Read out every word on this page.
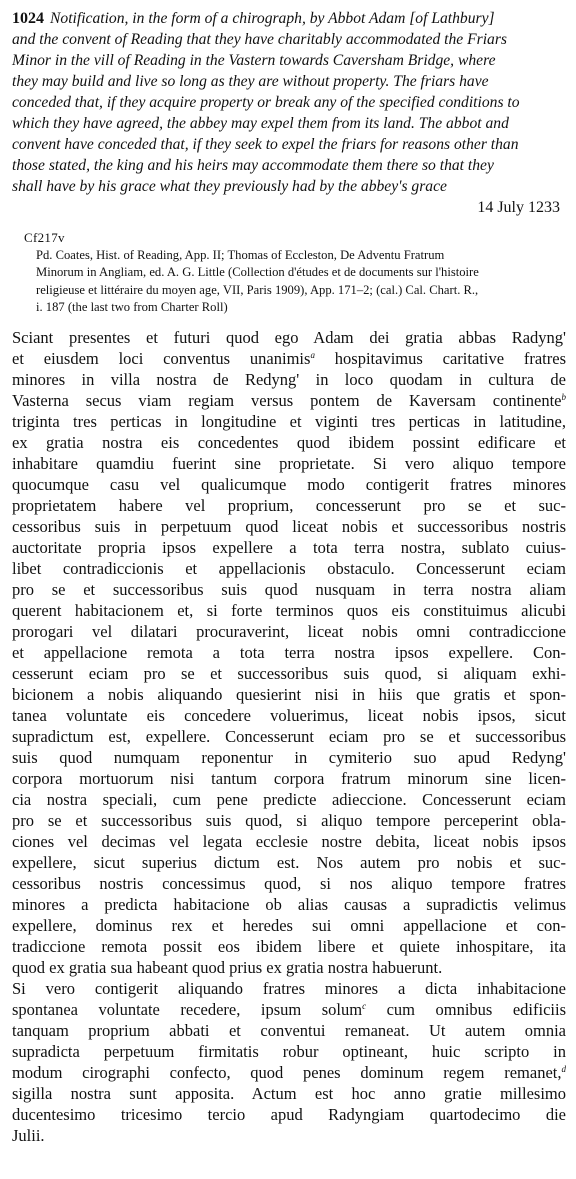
1024 Notification, in the form of a chirograph, by Abbot Adam [of Lathbury]
and the convent of Reading that they have charitably accommodated the Friars
Minor in the vill of Reading in the Vastern towards Caversham Bridge, where
they may build and live so long as they are without property. The friars have
conceded that, if they acquire property or break any of the specified conditions to
which they have agreed, the abbey may expel them from its land. The abbot and
convent have conceded that, if they seek to expel the friars for reasons other than
those stated, the king and his heirs may accommodate them there so that they
shall have by his grace what they previously had by the abbey's grace

14 July 1233

Cf217v
Pd. Coates, Hist. of Reading, App. II; Thomas of Eccleston, De Adventu Fratrum
Minorum in Angliam, ed. A. G. Little (Collection d'études et de documents sur l'histoire
religieuse et littéraire du moyen age, VII, Paris 1909), App. 171–2; (cal.) Cal. Chart. R.,
i. 187 (the last two from Charter Roll)
Sciant presentes et futuri quod ego Adam dei gratia abbas Radyng'
et eiusdem loci conventus unanimis$^a$ hospitavimus caritative fratres
minores in villa nostra de Redyng' in loco quodam in cultura de
Vasterna secus viam regiam versus pontem de Kaversam continente$^b$
triginta tres perticas in longitudine et viginti tres perticas in latitudine,
ex gratia nostra eis concedentes quod ibidem possint edificare et
inhabitare quamdiu fuerint sine proprietate. Si vero aliquo tempore
quocumque casu vel qualicumque modo contigerit fratres minores
proprietatem habere vel proprium, concesserunt pro se et suc-
cessoribus suis in perpetuum quod liceat nobis et successoribus nostris
auctoritate propria ipsos expellere a tota terra nostra, sublato cuius-
libet contradiccionis et appellacionis obstaculo. Concesserunt eciam
pro se et successoribus suis quod nusquam in terra nostra aliam
querent habitacionem et, si forte terminos quos eis constituimus alicubi
prorogari vel dilatari procuraverint, liceat nobis omni contradiccione
et appellacione remota a tota terra nostra ipsos expellere. Con-
cesserunt eciam pro se et successoribus suis quod, si aliquam exhi-
bicionem a nobis aliquando quesierint nisi in hiis que gratis et spon-
tanea voluntate eis concedere voluerimus, liceat nobis ipsos, sicut
supradictum est, expellere. Concesserunt eciam pro se et successoribus
suis quod numquam reponentur in cymiterio suo apud Redyng'
corpora mortuorum nisi tantum corpora fratrum minorum sine licen-
cia nostra speciali, cum pene predicte adieccione. Concesserunt eciam
pro se et successoribus suis quod, si aliquo tempore perceperint obla-
ciones vel decimas vel legata ecclesie nostre debita, liceat nobis ipsos
expellere, sicut superius dictum est. Nos autem pro nobis et suc-
cessoribus nostris concessimus quod, si nos aliquo tempore fratres
minores a predicta habitacione ob alias causas a supradictis velimus
expellere, dominus rex et heredes sui omni appellacione et con-
tradiccione remota possit eos ibidem libere et quiete inhospitare, ita
quod ex gratia sua habeant quod prius ex gratia nostra habuerunt.
Si vero contigerit aliquando fratres minores a dicta inhabitacione
spontanea voluntate recedere, ipsum solum$^c$ cum omnibus edificiis
tanquam proprium abbati et conventui remaneat. Ut autem omnia
supradicta perpetuum firmitatis robur optineant, huic scripto in
modum cirographi confecto, quod penes dominum regem remanet,$^d$
sigilla nostra sunt apposita. Actum est hoc anno gratie millesimo
ducentesimo tricesimo tercio apud Radyngiam quartodecimo die
Julii.
